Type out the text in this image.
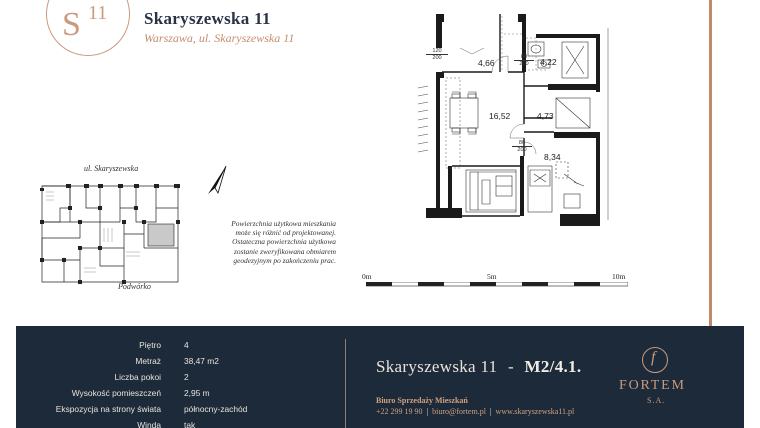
S 11 Skaryszewska 11
Warszawa, ul. Skaryszewska 11
ul. Skaryszewska
Podwórko
Powierzchnia użytkowa mieszkania
może się różnić od projektowanej.
Ostateczna powierzchnia użytkowa
zostanie zweryfikowana obmiarem
geodezyjnym po zakończeniu prac.
120
200	80
200
80
200
4,66	4,22
16,52	4,73
8,34
0m	5m	10m
Piętro	4
Metraż	38,47 m2
Liczba pokoi	2
Wysokość pomieszczeń	2,95 m
Ekspozycja na strony świata	północny-zachód
Winda	tak
Skaryszewska 11 - M2/4.1.
Biuro Sprzedaży Mieszkań
+22 299 19 90 | biuro@fortem.pl | www.skaryszewska11.pl
f
FORTEM
S.A.
